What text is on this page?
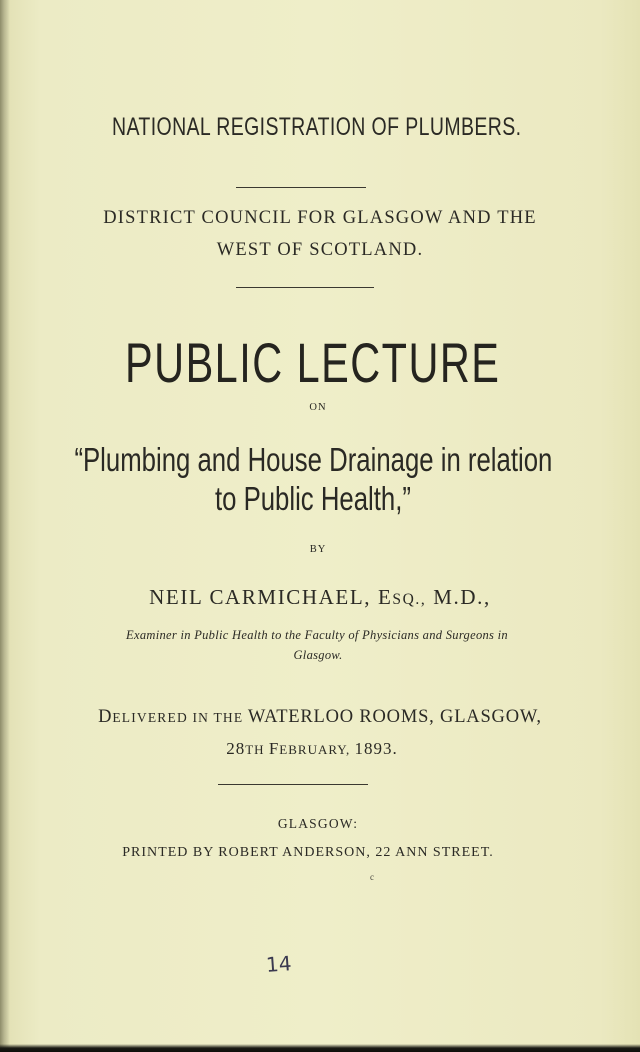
NATIONAL REGISTRATION OF PLUMBERS.
DISTRICT COUNCIL FOR GLASGOW AND THE
WEST OF SCOTLAND.
PUBLIC LECTURE
ON
“Plumbing and House Drainage in relation
to Public Health,”
BY
NEIL CARMICHAEL, ESQ., M.D.,
Examiner in Public Health to the Faculty of Physicians and Surgeons in
Glasgow.
DELIVERED IN THE WATERLOO ROOMS, GLASGOW,
28TH FEBRUARY, 1893.
GLASGOW:
PRINTED BY ROBERT ANDERSON, 22 ANN STREET.
c
14
